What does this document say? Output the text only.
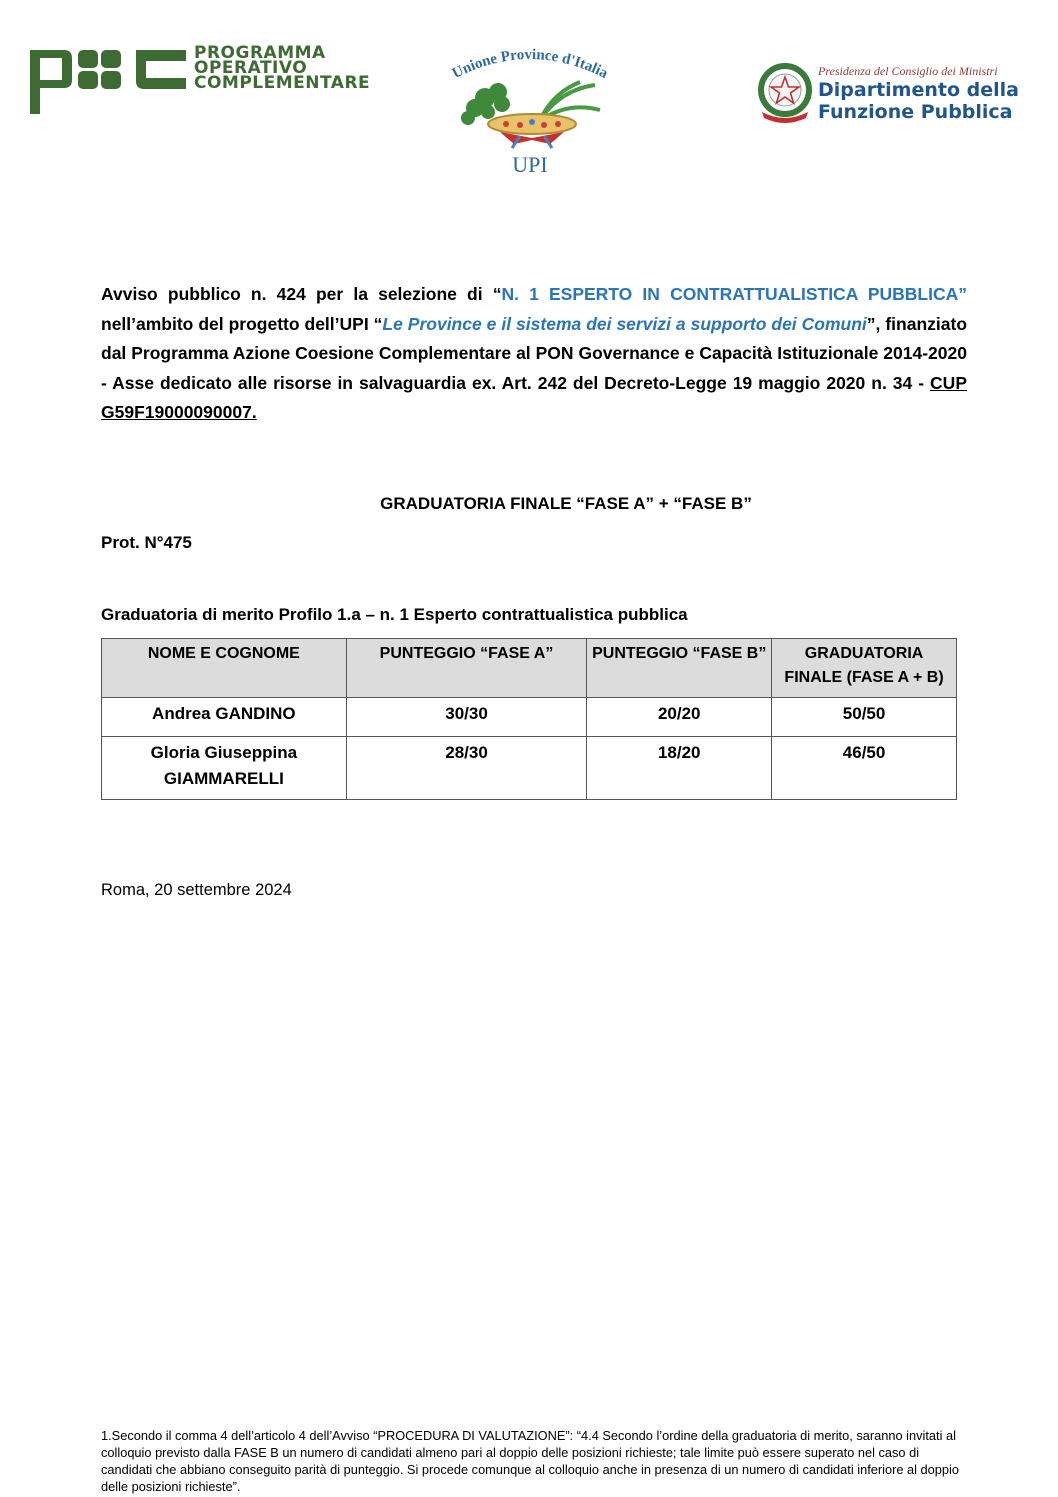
PROGRAMMA
OPERATIVO
COMPLEMENTARE
Unione Province d'Italia
UPI
Presidenza del Consiglio dei Ministri
Dipartimento della
Funzione Pubblica
Avviso pubblico n. 424 per la selezione di “N. 1 ESPERTO IN CONTRATTUALISTICA PUBBLICA” nell’ambito del progetto dell’UPI “Le Province e il sistema dei servizi a supporto dei Comuni”, finanziato dal Programma Azione Coesione Complementare al PON Governance e Capacità Istituzionale 2014-2020 - Asse dedicato alle risorse in salvaguardia ex. Art. 242 del Decreto-Legge 19 maggio 2020 n. 34 - CUP G59F19000090007.
GRADUATORIA FINALE “FASE A” + “FASE B”
Prot. N°475
Graduatoria di merito Profilo 1.a – n. 1 Esperto contrattualistica pubblica
NOME E COGNOME	PUNTEGGIO “FASE A”	PUNTEGGIO “FASE B”	GRADUATORIA FINALE (FASE A + B)
Andrea GANDINO	30/30	20/20	50/50
Gloria Giuseppina GIAMMARELLI	28/30	18/20	46/50
Roma, 20 settembre 2024
1.Secondo il comma 4 dell’articolo 4 dell’Avviso “PROCEDURA DI VALUTAZIONE”: “4.4 Secondo l’ordine della graduatoria di merito, saranno invitati al colloquio previsto dalla FASE B un numero di candidati almeno pari al doppio delle posizioni richieste; tale limite può essere superato nel caso di candidati che abbiano conseguito parità di punteggio. Si procede comunque al colloquio anche in presenza di un numero di candidati inferiore al doppio delle posizioni richieste”.
